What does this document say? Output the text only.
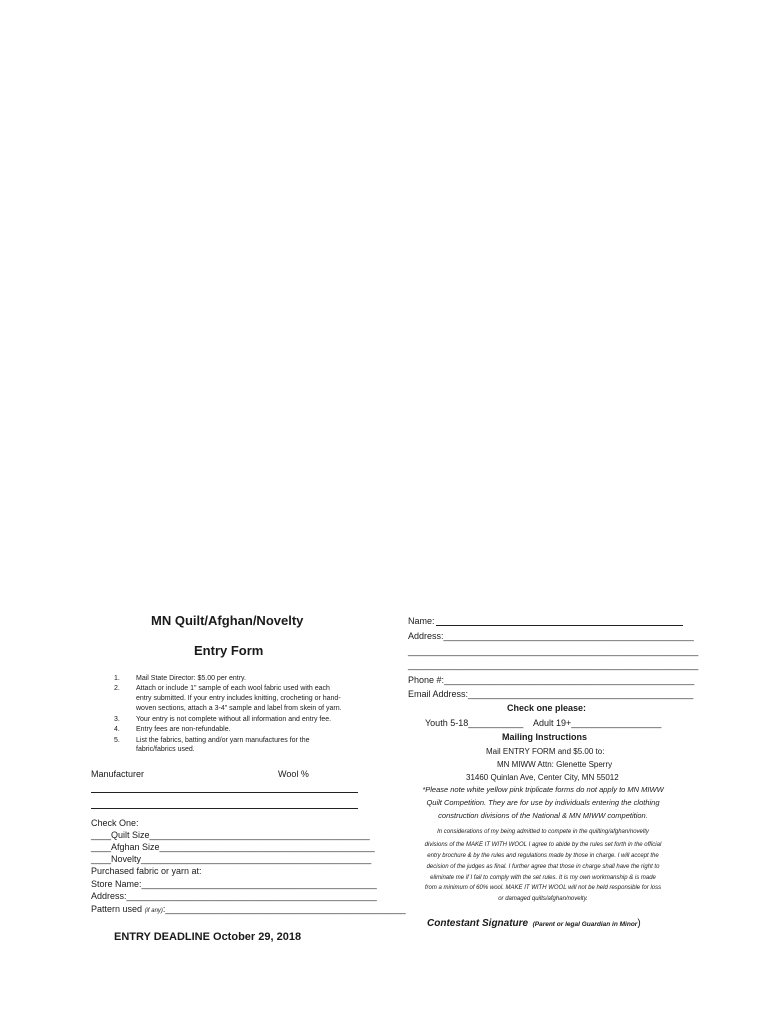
MN Quilt/Afghan/Novelty
Entry Form
1. Mail State Director: $5.00 per entry.
2. Attach or include 1" sample of each wool fabric used with each
entry submitted. If your entry includes knitting, crocheting or hand-
woven sections, attach a 3-4" sample and label from skein of yarn.
3. Your entry is not complete without all information and entry fee.
4. Entry fees are non-refundable.
5. List the fabrics, batting and/or yarn manufactures for the
fabric/fabrics used.
Manufacturer	Wool %
Check One:
____Quilt Size____________________________________________
____Afghan Size___________________________________________
____Novelty______________________________________________
Purchased fabric or yarn at:
Store Name:_______________________________________________
Address:__________________________________________________
Pattern used (if any):________________________________________________
ENTRY DEADLINE October 29, 2018
Name:
Address:__________________________________________________
__________________________________________________________
__________________________________________________________
Phone #:__________________________________________________
Email Address:_____________________________________________
Check one please:
Youth 5-18___________ Adult 19+__________________
Mailing Instructions
Mail ENTRY FORM and $5.00 to:
MN MIWW Attn: Glenette Sperry
31460 Quinlan Ave, Center City, MN 55012
*Please note white yellow pink triplicate forms do not apply to MN MIWW
Quilt Competition. They are for use by individuals entering the clothing
construction divisions of the National & MN MIWW competition.
In considerations of my being admitted to compete in the quilting/afghan/novelty
divisions of the MAKE IT WITH WOOL I agree to abide by the rules set forth in the official
entry brochure & by the rules and regulations made by those in charge. I will accept the
decision of the judges as final. I further agree that those in charge shall have the right to
eliminate me if I fail to comply with the set rules. It is my own workmanship & is made
from a minimum of 60% wool. MAKE IT WITH WOOL will not be held responsible for loss
or damaged quilts/afghan/novelty.
Contestant Signature (Parent or legal Guardian in Minor)
